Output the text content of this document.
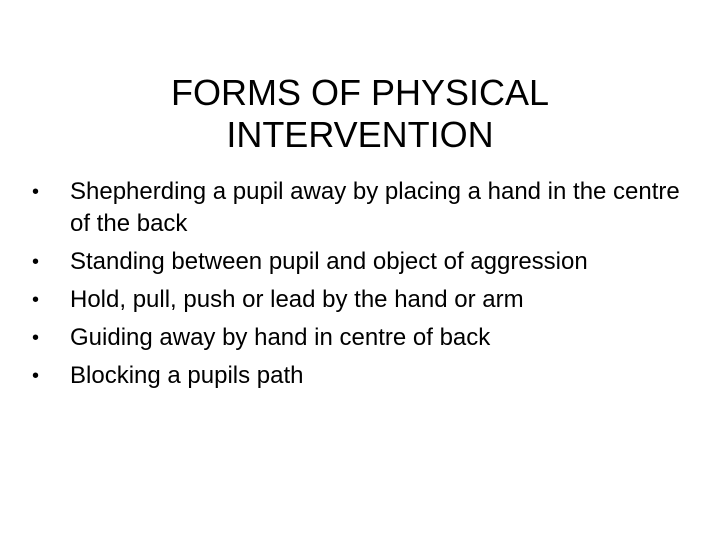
FORMS OF PHYSICAL
INTERVENTION
•	Shepherding a pupil away by placing a hand in the centre of the back
•	Standing between pupil and object of aggression
•	Hold, pull, push or lead by the hand or arm
•	Guiding away by hand in centre of back
•	Blocking a pupils path
